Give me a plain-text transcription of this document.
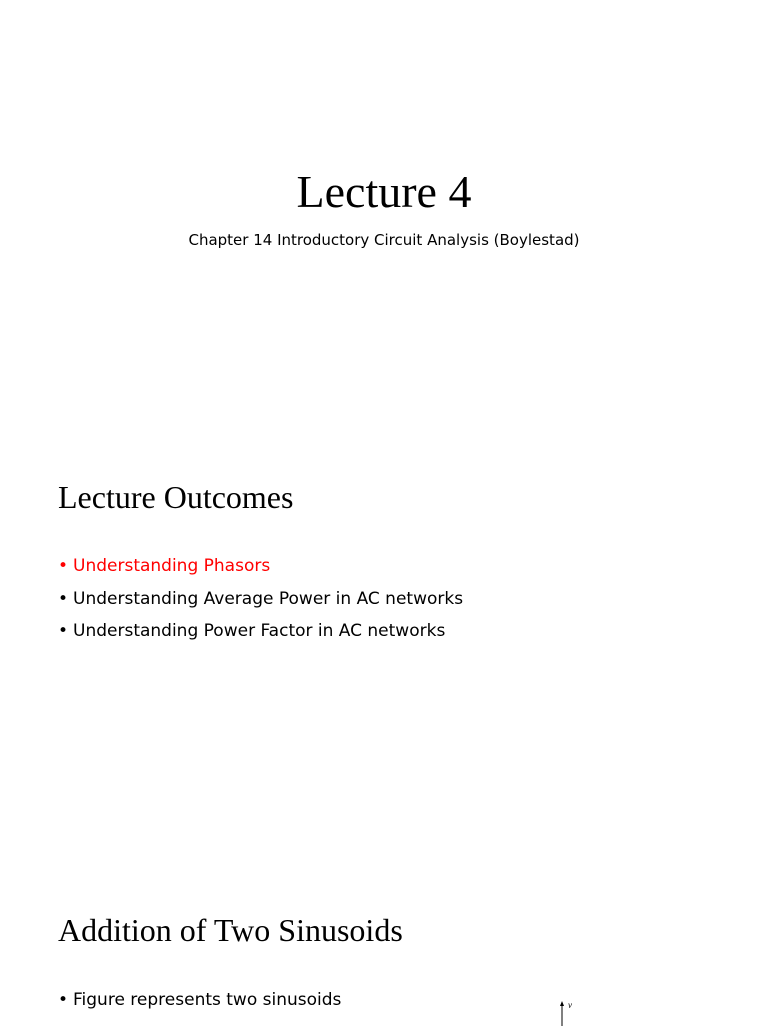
Lecture 4
Chapter 14 Introductory Circuit Analysis (Boylestad)
Lecture Outcomes
• Understanding Phasors
• Understanding Average Power in AC networks
• Understanding Power Factor in AC networks
Addition of Two Sinusoids
• Figure represents two sinusoids	v
